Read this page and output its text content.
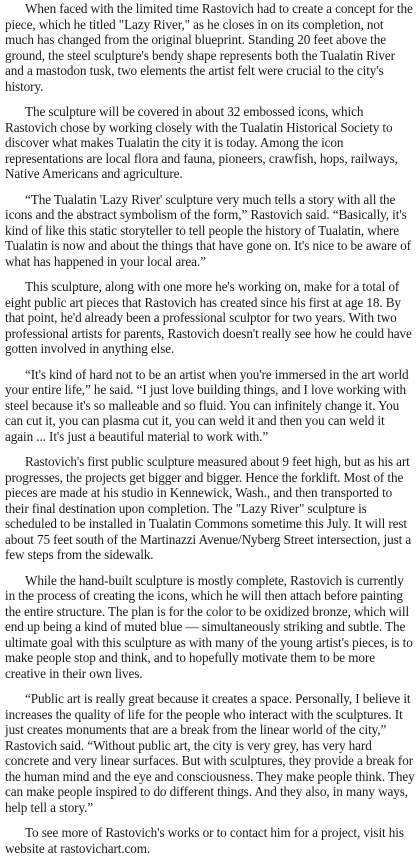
When faced with the limited time Rastovich had to create a concept for the piece, which he titled "Lazy River," as he closes in on its completion, not much has changed from the original blueprint. Standing 20 feet above the ground, the steel sculpture's bendy shape represents both the Tualatin River and a mastodon tusk, two elements the artist felt were crucial to the city's history.

The sculpture will be covered in about 32 embossed icons, which Rastovich chose by working closely with the Tualatin Historical Society to discover what makes Tualatin the city it is today. Among the icon representations are local flora and fauna, pioneers, crawfish, hops, railways, Native Americans and agriculture.

“The Tualatin 'Lazy River' sculpture very much tells a story with all the icons and the abstract symbolism of the form,” Rastovich said. “Basically, it's kind of like this static storyteller to tell people the history of Tualatin, where Tualatin is now and about the things that have gone on. It's nice to be aware of what has happened in your local area.”

This sculpture, along with one more he's working on, make for a total of eight public art pieces that Rastovich has created since his first at age 18. By that point, he'd already been a professional sculptor for two years. With two professional artists for parents, Rastovich doesn't really see how he could have gotten involved in anything else.

“It's kind of hard not to be an artist when you're immersed in the art world your entire life,” he said. “I just love building things, and I love working with steel because it's so malleable and so fluid. You can infinitely change it. You can cut it, you can plasma cut it, you can weld it and then you can weld it again ... It's just a beautiful material to work with.”

Rastovich's first public sculpture measured about 9 feet high, but as his art progresses, the projects get bigger and bigger. Hence the forklift. Most of the pieces are made at his studio in Kennewick, Wash., and then transported to their final destination upon completion. The "Lazy River" sculpture is scheduled to be installed in Tualatin Commons sometime this July. It will rest about 75 feet south of the Martinazzi Avenue/Nyberg Street intersection, just a few steps from the sidewalk.

While the hand-built sculpture is mostly complete, Rastovich is currently in the process of creating the icons, which he will then attach before painting the entire structure. The plan is for the color to be oxidized bronze, which will end up being a kind of muted blue — simultaneously striking and subtle. The ultimate goal with this sculpture as with many of the young artist's pieces, is to make people stop and think, and to hopefully motivate them to be more creative in their own lives.

“Public art is really great because it creates a space. Personally, I believe it increases the quality of life for the people who interact with the sculptures. It just creates monuments that are a break from the linear world of the city,” Rastovich said. “Without public art, the city is very grey, has very hard concrete and very linear surfaces. But with sculptures, they provide a break for the human mind and the eye and consciousness. They make people think. They can make people inspired to do different things. And they also, in many ways, help tell a story.”

To see more of Rastovich's works or to contact him for a project, visit his website at rastovichart.com.
